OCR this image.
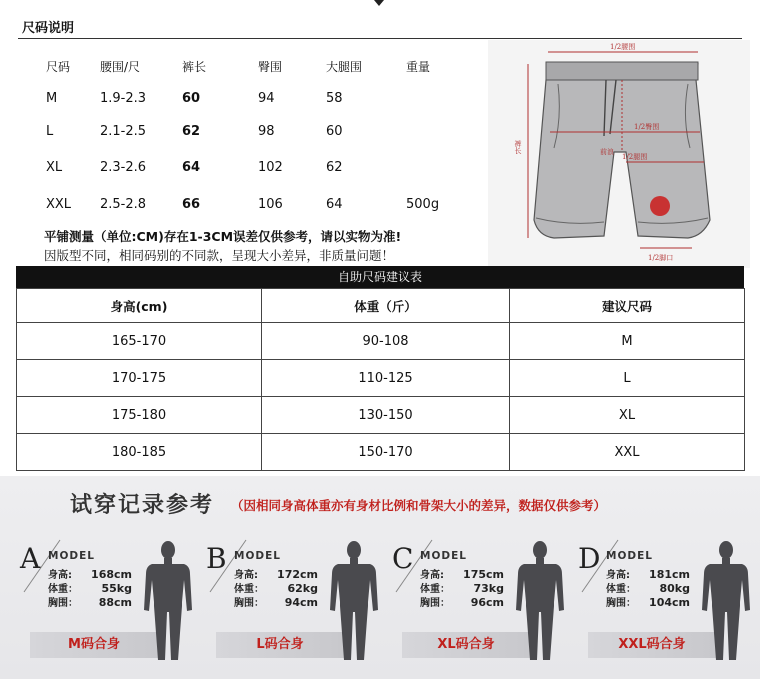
尺码说明
尺码 腰围/尺	裤长	臀围	大腿围	重量
M	1.9-2.3	60	94	58
L	2.1-2.5	62	98	60
XL	2.3-2.6	64	102	62
XXL 2.5-2.8	66	106	64	500g
平铺测量（单位:CM)存在1-3CM误差仅供参考，请以实物为准!
因版型不同，相同码别的不同款，呈现大小差异，非质量问题！
1/2腰围
裤长
1/2臀围
前浪
1/2腿围
1/2脚口
自助尺码建议表
身高(cm)	体重（斤）	建议尺码
165-170	90-108	M
170-175	110-125	L
175-180	130-150	XL
180-185	150-170	XXL
试穿记录参考 （因相同身高体重亦有身材比例和骨架大小的差异，数据仅供参考）
A MODEL
身高: 168cm
体重： 55kg
胸围： 88cm
M码合身
B MODEL
身高: 172cm
体重： 62kg
胸围： 94cm
L码合身
C MODEL
身高: 175cm
体重： 73kg
胸围： 96cm
XL码合身
D MODEL
身高: 181cm
体重： 80kg
胸围： 104cm
XXL码合身
